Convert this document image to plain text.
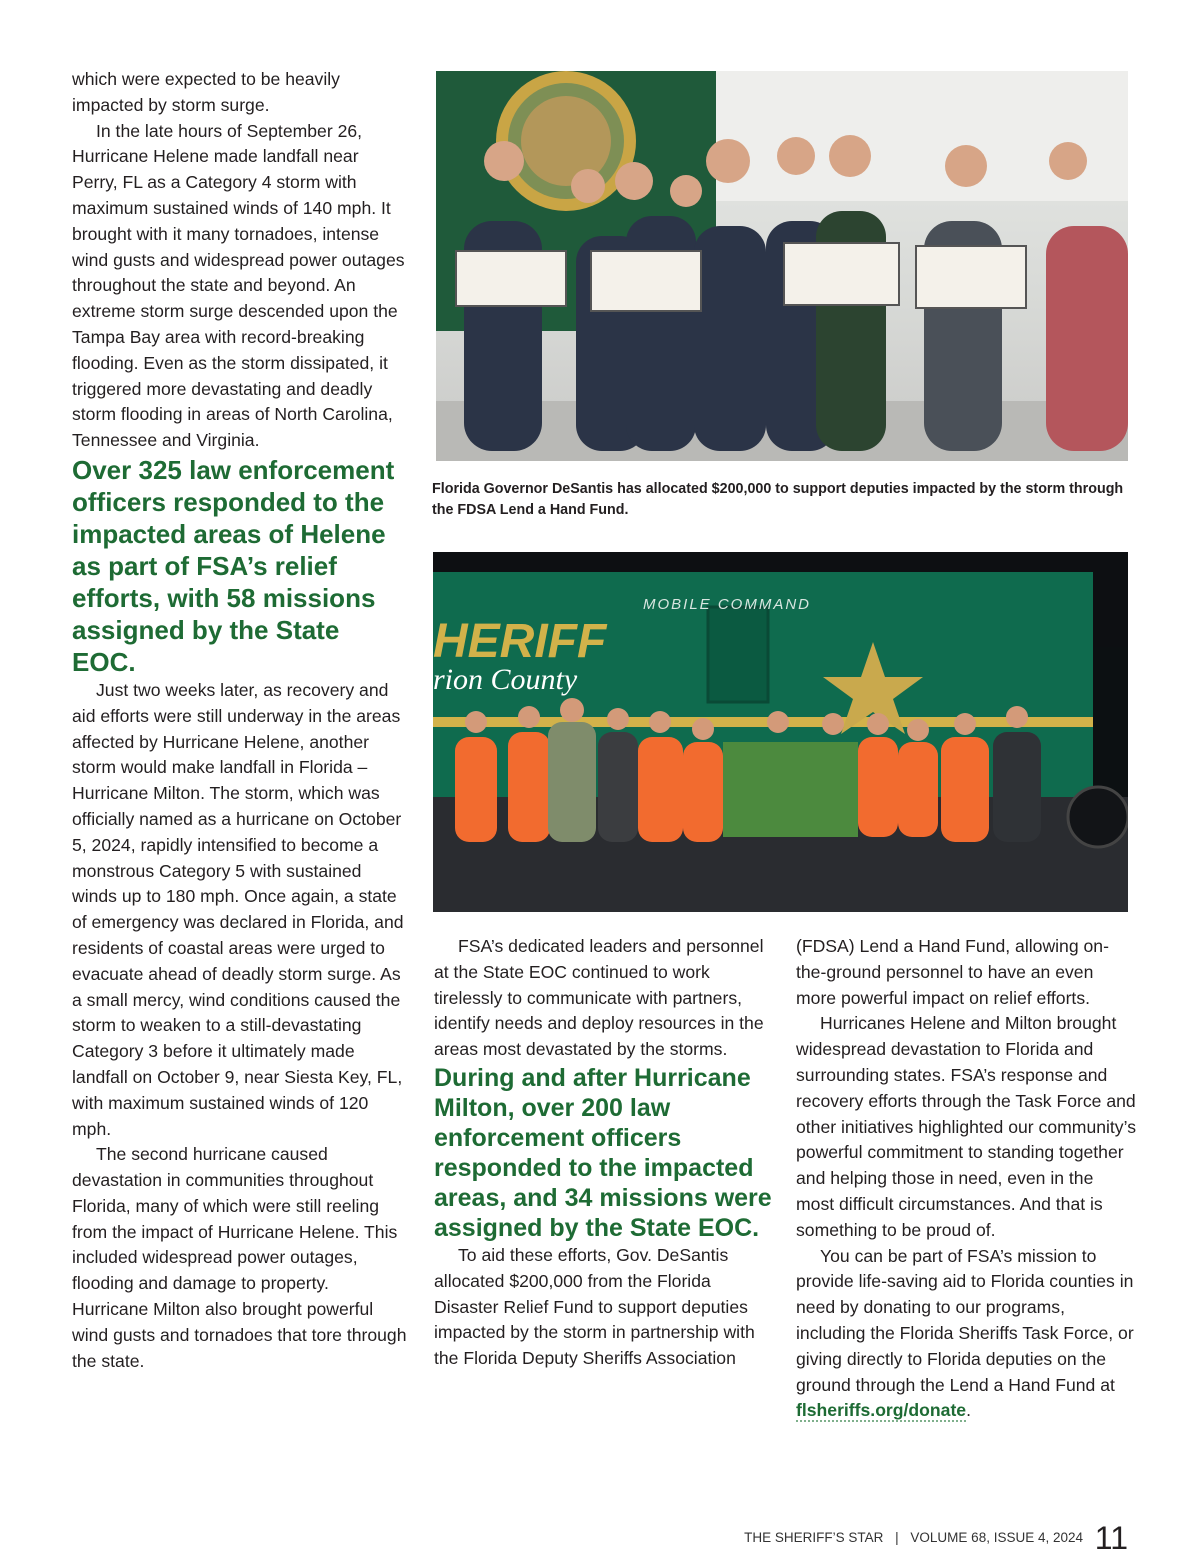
which were expected to be heavily impacted by storm surge.

In the late hours of September 26, Hurricane Helene made landfall near Perry, FL as a Category 4 storm with maximum sustained winds of 140 mph. It brought with it many tornadoes, intense wind gusts and widespread power outages throughout the state and beyond. An extreme storm surge descended upon the Tampa Bay area with record-breaking flooding. Even as the storm dissipated, it triggered more devastating and deadly storm flooding in areas of North Carolina, Tennessee and Virginia.

Over 325 law enforcement officers responded to the impacted areas of Helene as part of FSA’s relief efforts, with 58 missions assigned by the State EOC.

Just two weeks later, as recovery and aid efforts were still underway in the areas affected by Hurricane Helene, another storm would make landfall in Florida – Hurricane Milton. The storm, which was officially named as a hurricane on October 5, 2024, rapidly intensified to become a monstrous Category 5 with sustained winds up to 180 mph. Once again, a state of emergency was declared in Florida, and residents of coastal areas were urged to evacuate ahead of deadly storm surge. As a small mercy, wind conditions caused the storm to weaken to a still-devastating Category 3 before it ultimately made landfall on October 9, near Siesta Key, FL, with maximum sustained winds of 120 mph.

The second hurricane caused devastation in communities throughout Florida, many of which were still reeling from the impact of Hurricane Helene. This included widespread power outages, flooding and damage to property. Hurricane Milton also brought powerful wind gusts and tornadoes that tore through the state.

Florida Governor DeSantis has allocated $200,000 to support deputies impacted by the storm through the FDSA Lend a Hand Fund.
MOBILE COMMAND
HERIFF
rion County

FSA’s dedicated leaders and personnel at the State EOC continued to work tirelessly to communicate with partners, identify needs and deploy resources in the areas most devastated by the storms.

During and after Hurricane Milton, over 200 law enforcement officers responded to the impacted areas, and 34 missions were assigned by the State EOC.

To aid these efforts, Gov. DeSantis allocated $200,000 from the Florida Disaster Relief Fund to support deputies impacted by the storm in partnership with the Florida Deputy Sheriffs Association

(FDSA) Lend a Hand Fund, allowing on-the-ground personnel to have an even more powerful impact on relief efforts.

Hurricanes Helene and Milton brought widespread devastation to Florida and surrounding states. FSA’s response and recovery efforts through the Task Force and other initiatives highlighted our community’s powerful commitment to standing together and helping those in need, even in the most difficult circumstances. And that is something to be proud of.

You can be part of FSA’s mission to provide life-saving aid to Florida counties in need by donating to our programs, including the Florida Sheriffs Task Force, or giving directly to Florida deputies on the ground through the Lend a Hand Fund at flsheriffs.org/donate.

THE SHERIFF’S STAR | VOLUME 68, ISSUE 4, 2024 11
